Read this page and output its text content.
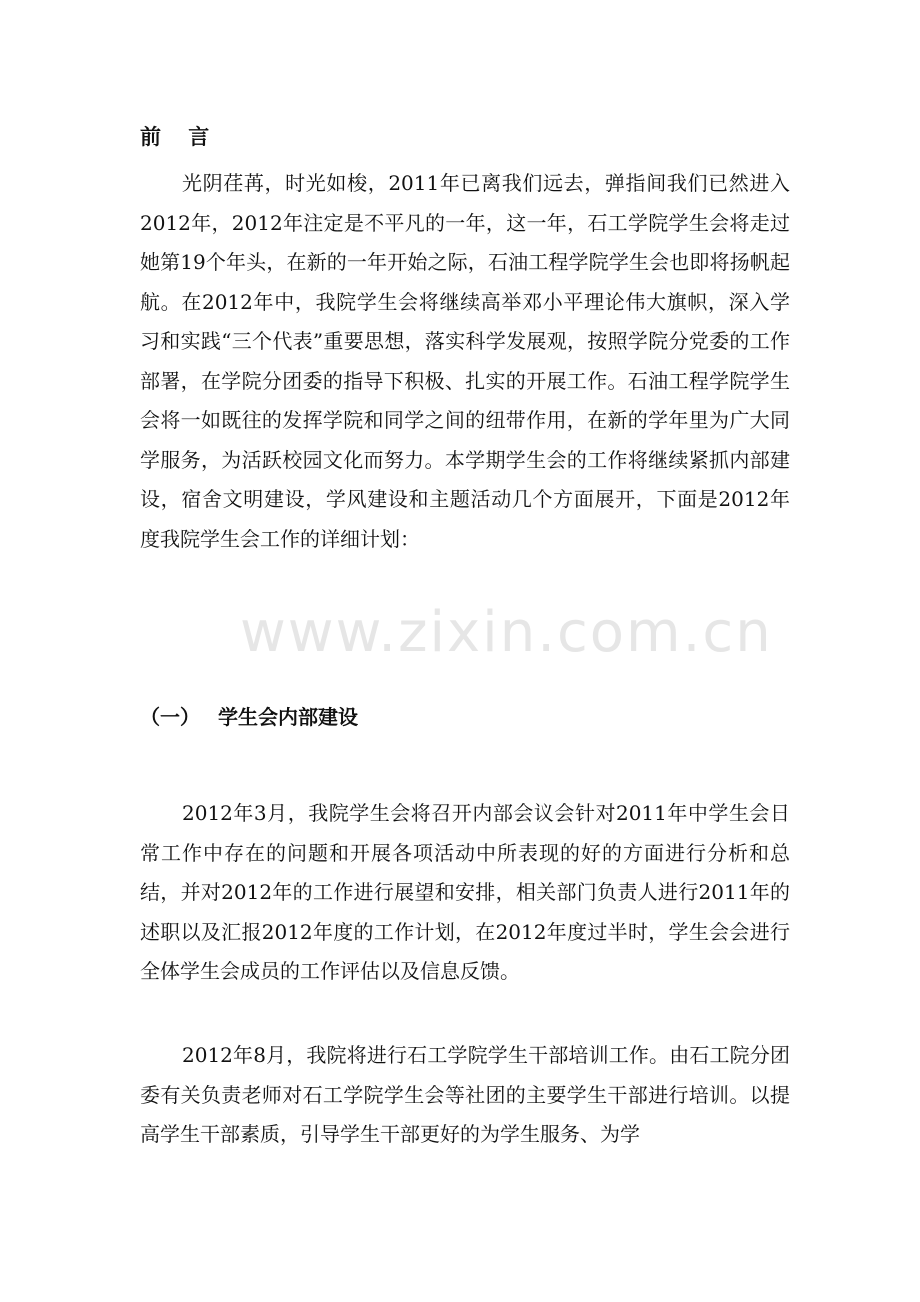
www.zixin.com.cn
前 言

光阴荏苒，时光如梭，2011年已离我们远去，弹指间我们已然进入2012年，2012年注定是不平凡的一年，这一年，石工学院学生会将走过她第19个年头，在新的一年开始之际，石油工程学院学生会也即将扬帆起航。在2012年中，我院学生会将继续高举邓小平理论伟大旗帜，深入学习和实践“三个代表”重要思想，落实科学发展观，按照学院分党委的工作部署，在学院分团委的指导下积极、扎实的开展工作。石油工程学院学生会将一如既往的发挥学院和同学之间的纽带作用，在新的学年里为广大同学服务，为活跃校园文化而努力。本学期学生会的工作将继续紧抓内部建设，宿舍文明建设，学风建设和主题活动几个方面展开，下面是2012年度我院学生会工作的详细计划：

（一） 学生会内部建设

2012年3月，我院学生会将召开内部会议会针对2011年中学生会日常工作中存在的问题和开展各项活动中所表现的好的方面进行分析和总结，并对2012年的工作进行展望和安排，相关部门负责人进行2011年的述职以及汇报2012年度的工作计划，在2012年度过半时，学生会会进行全体学生会成员的工作评估以及信息反馈。

2012年8月，我院将进行石工学院学生干部培训工作。由石工院分团委有关负责老师对石工学院学生会等社团的主要学生干部进行培训。以提高学生干部素质，引导学生干部更好的为学生服务、为学
